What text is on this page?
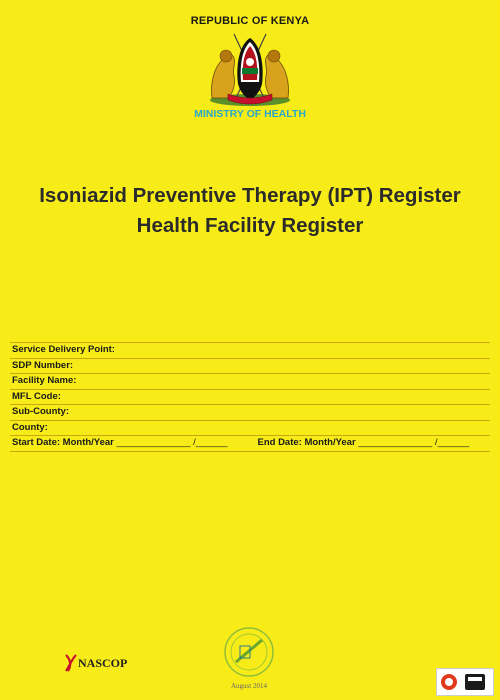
REPUBLIC OF KENYA
MINISTRY OF HEALTH
Isoniazid Preventive Therapy (IPT) Register
Health Facility Register
Service Delivery Point:
SDP Number:
Facility Name:
MFL Code:
Sub-County:
County:
Start Date: Month/Year ______________ /______	End Date: Month/Year ______________ /______
NASCOP
August 2014
